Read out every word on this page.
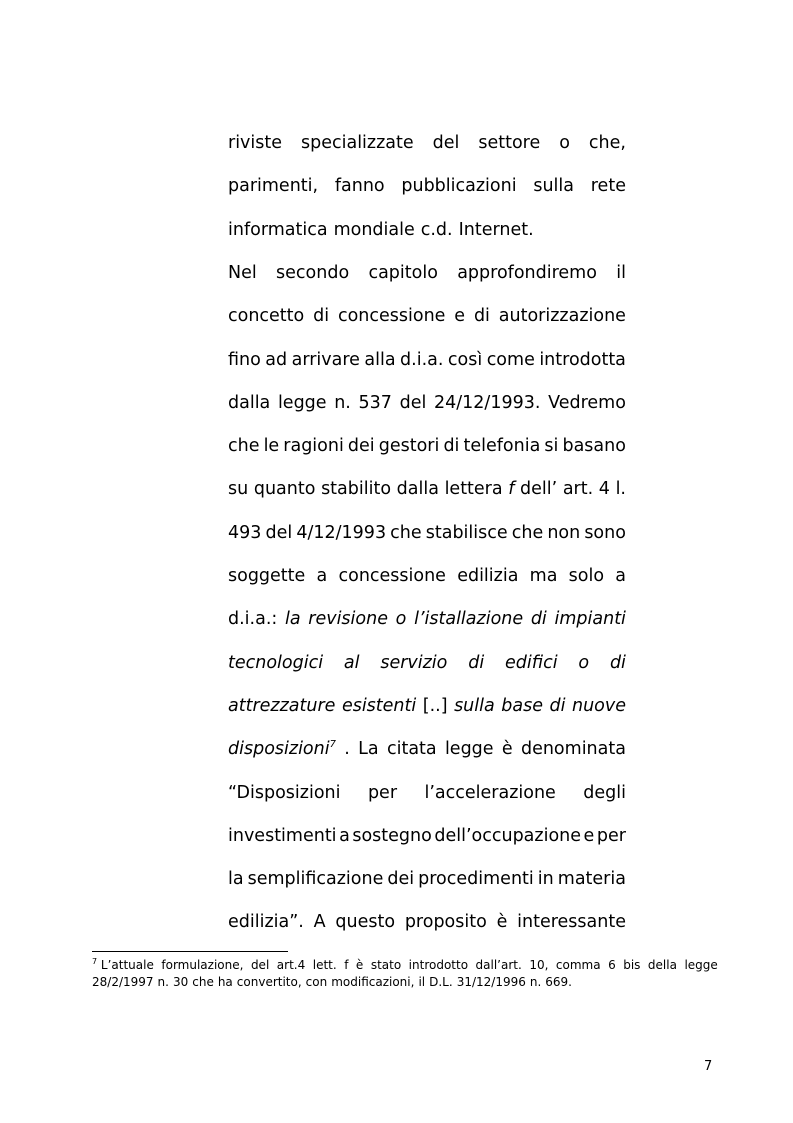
riviste specializzate del settore o che,
parimenti, fanno pubblicazioni sulla rete
informatica mondiale c.d. Internet.
Nel secondo capitolo approfondiremo il
concetto di concessione e di autorizzazione
fino ad arrivare alla d.i.a. così come introdotta
dalla legge n. 537 del 24/12/1993. Vedremo
che le ragioni dei gestori di telefonia si basano
su quanto stabilito dalla lettera f dell’ art. 4 l.
493 del 4/12/1993 che stabilisce che non sono
soggette a concessione edilizia ma solo a
d.i.a.: la revisione o l’istallazione di impianti
tecnologici al servizio di edifici o di
attrezzature esistenti [..] sulla base di nuove
disposizioni$^7$ . La citata legge è denominata
“Disposizioni per l’accelerazione degli
investimenti a sostegno dell’occupazione e per
la semplificazione dei procedimenti in materia
edilizia”. A questo proposito è interessante
$^7$ L’attuale formulazione, del art.4 lett. f è stato introdotto dall’art. 10, comma 6 bis della legge
28/2/1997 n. 30 che ha convertito, con modificazioni, il D.L. 31/12/1996 n. 669.
7
